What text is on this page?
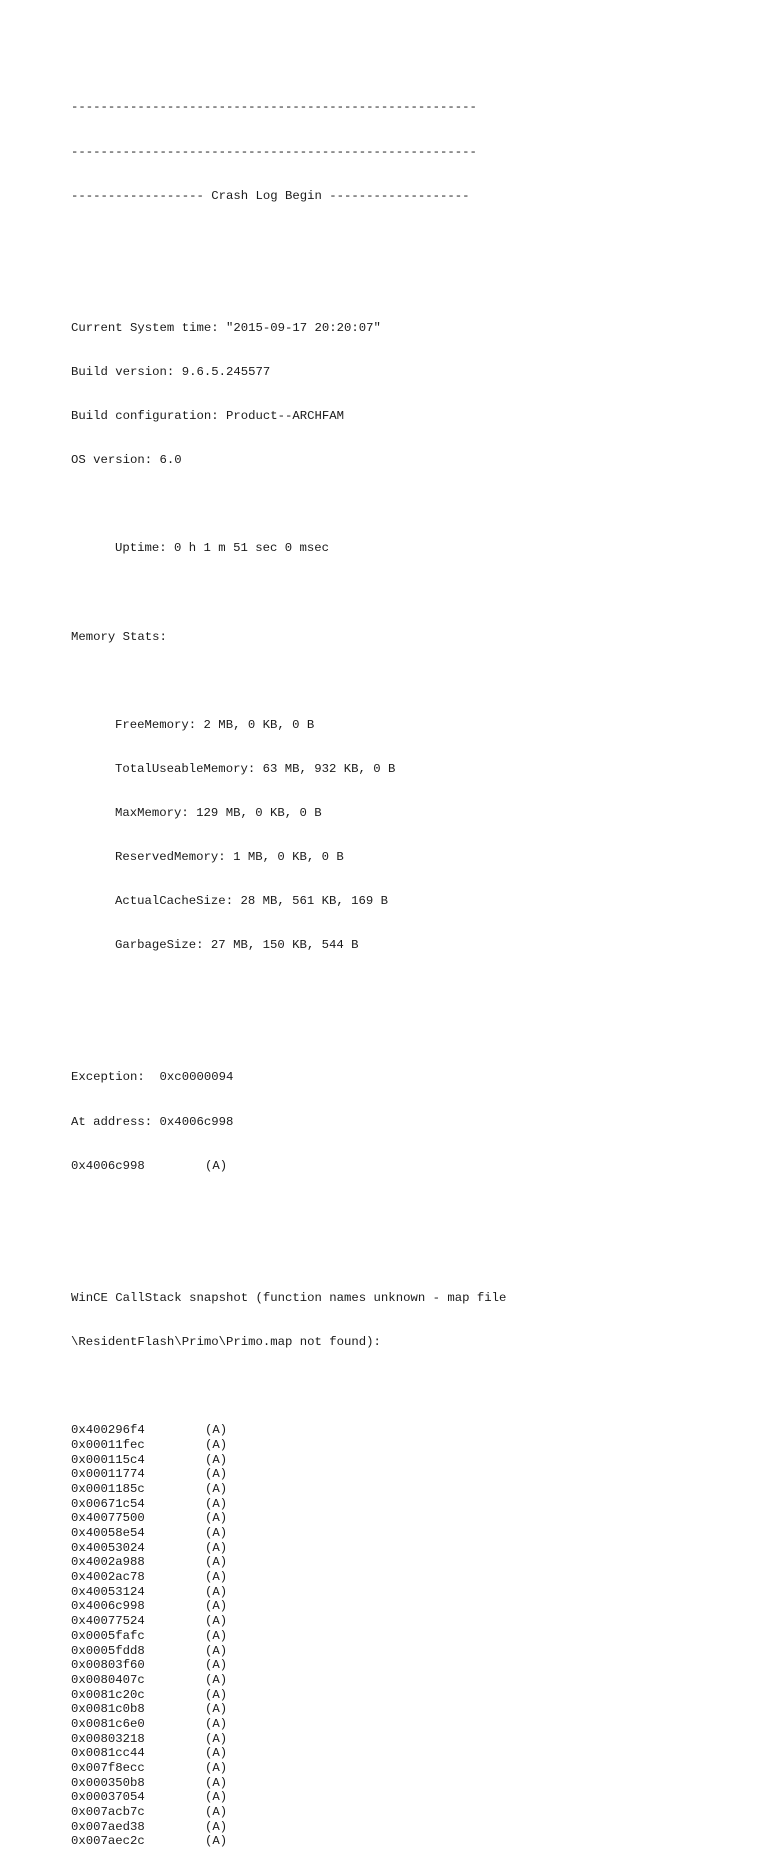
-------------------------------------------------------

-------------------------------------------------------

------------------ Crash Log Begin -------------------

Current System time: "2015-09-17 20:20:07"

Build version: 9.6.5.245577

Build configuration: Product--ARCHFAM

OS version: 6.0

Uptime: 0 h 1 m 51 sec 0 msec

Memory Stats:

FreeMemory: 2 MB, 0 KB, 0 B

TotalUseableMemory: 63 MB, 932 KB, 0 B

MaxMemory: 129 MB, 0 KB, 0 B

ReservedMemory: 1 MB, 0 KB, 0 B

ActualCacheSize: 28 MB, 561 KB, 169 B

GarbageSize: 27 MB, 150 KB, 544 B

Exception:  0xc0000094

At address: 0x4006c998

0x4006c998	(A)

WinCE CallStack snapshot (function names unknown - map file

\ResidentFlash\Primo\Primo.map not found):

0x400296f4	(A)
0x00011fec	(A)
0x000115c4	(A)
0x00011774	(A)
0x0001185c	(A)
0x00671c54	(A)
0x40077500	(A)
0x40058e54	(A)
0x40053024	(A)
0x4002a988	(A)
0x4002ac78	(A)
0x40053124	(A)
0x4006c998	(A)
0x40077524	(A)
0x0005fafc	(A)
0x0005fdd8	(A)
0x00803f60	(A)
0x0080407c	(A)
0x0081c20c	(A)
0x0081c0b8	(A)
0x0081c6e0	(A)
0x00803218	(A)
0x0081cc44	(A)
0x007f8ecc	(A)
0x000350b8	(A)
0x00037054	(A)
0x007acb7c	(A)
0x007aed38	(A)
0x007aec2c	(A)
